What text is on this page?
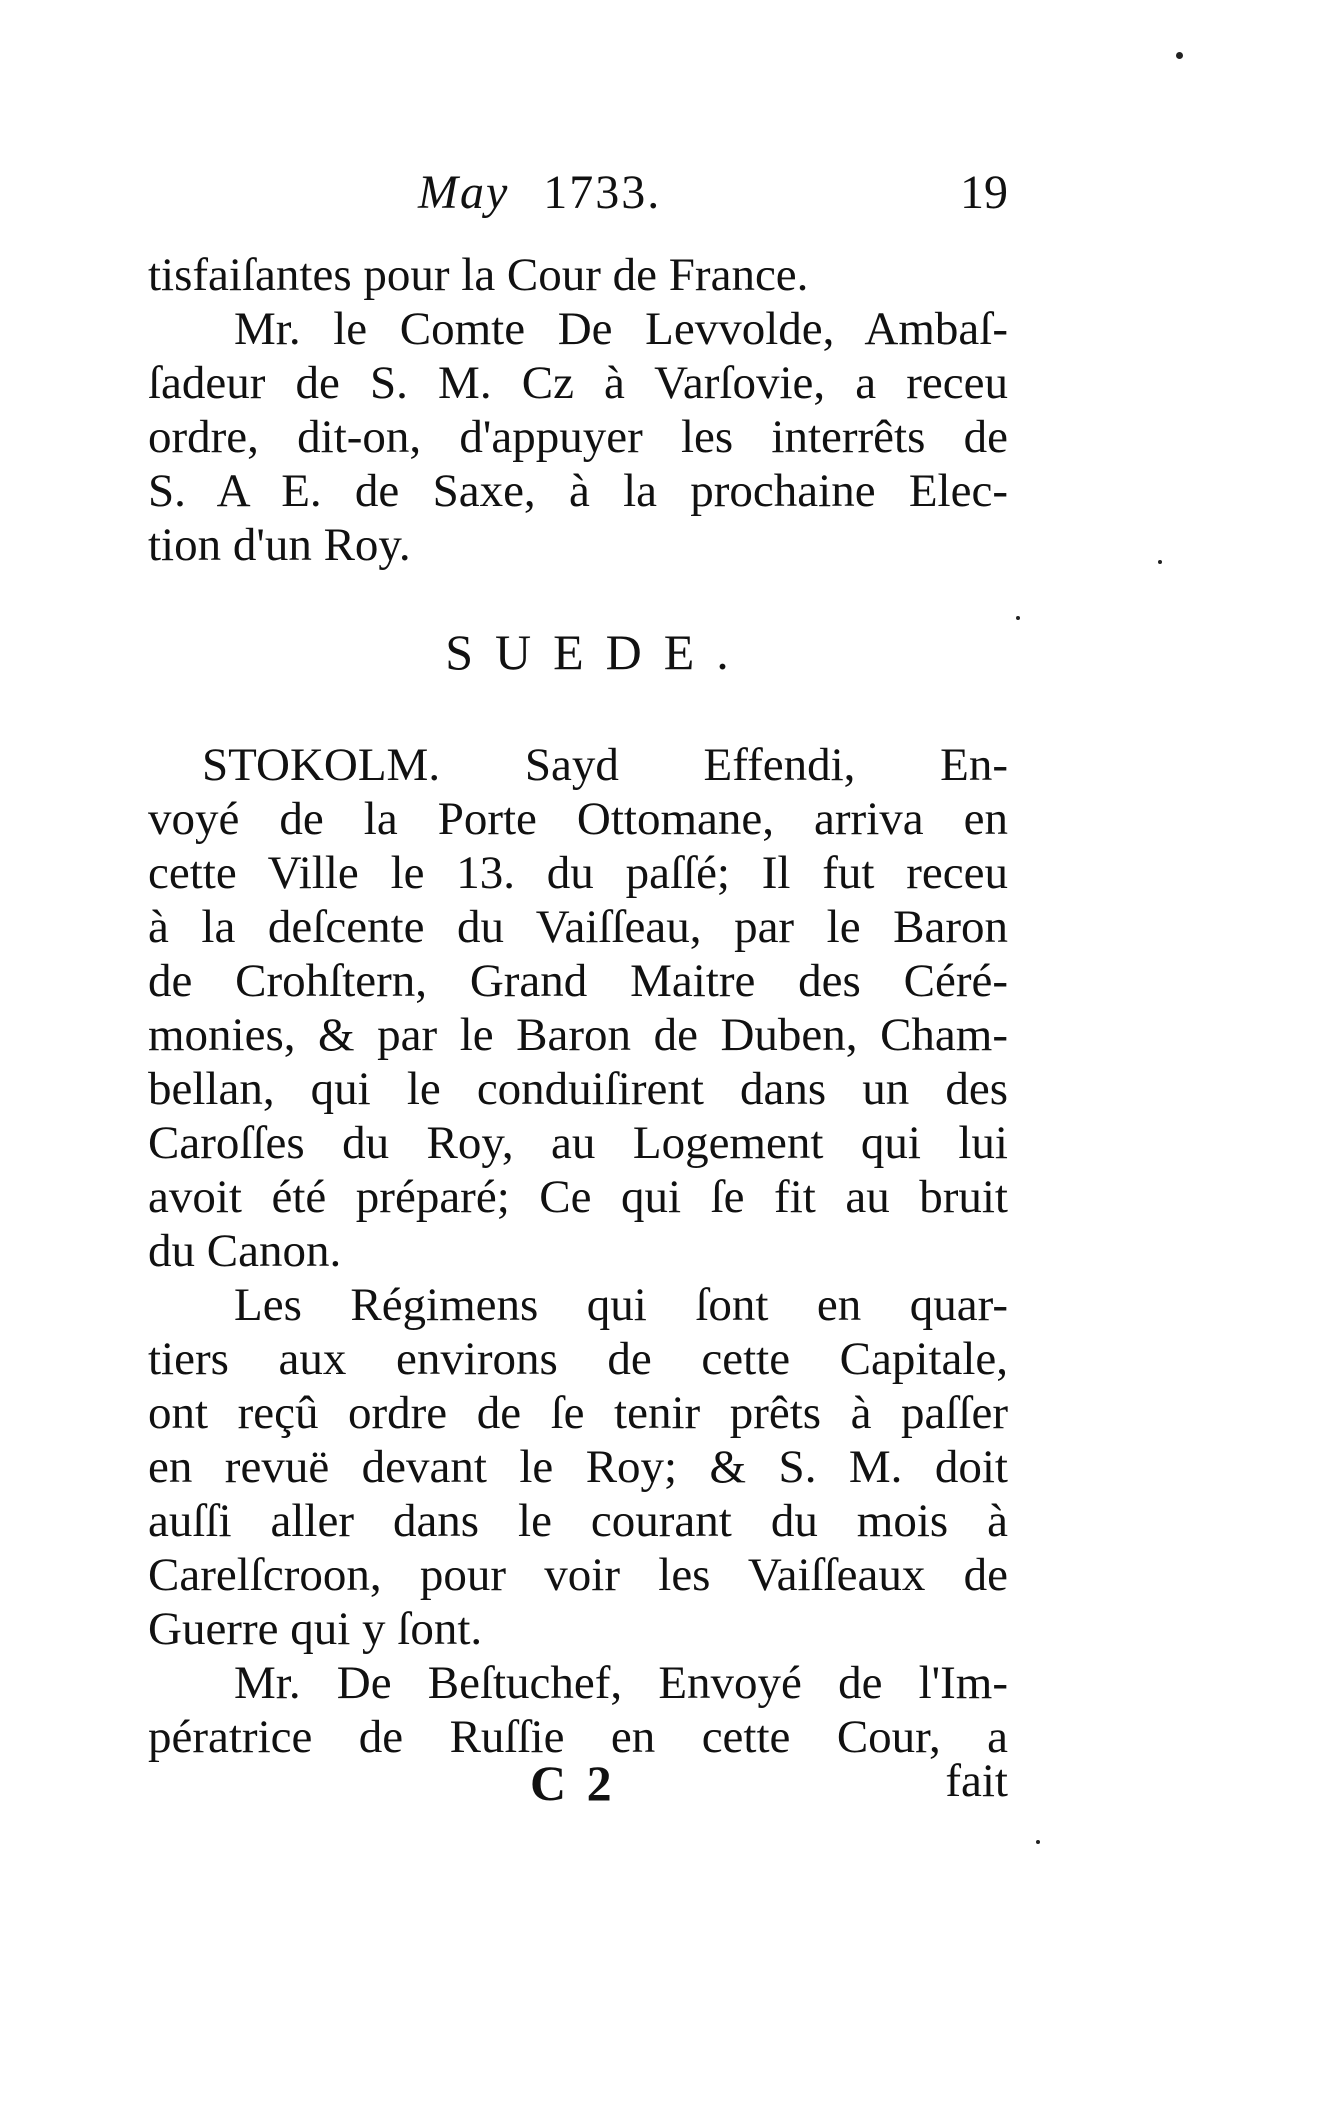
May 1733.	19
tisfaiſantes pour la Cour de France.
Mr. le Comte De Levvolde, Ambaſ-
ſadeur de S. M. Cz à Varſovie, a receu
ordre, dit-on, d'appuyer les interrêts de
S. A E. de Saxe, à la prochaine Elec-
tion d'un Roy.
SUEDE.
STOKOLM. Sayd Effendi, En-
voyé de la Porte Ottomane, arriva en
cette Ville le 13. du paſſé; Il fut receu
à la deſcente du Vaiſſeau, par le Baron
de Crohſtern, Grand Maitre des Céré-
monies, & par le Baron de Duben, Cham-
bellan, qui le conduiſirent dans un des
Caroſſes du Roy, au Logement qui lui
avoit été préparé; Ce qui ſe fit au bruit
du Canon.
Les Régimens qui ſont en quar-
tiers aux environs de cette Capitale,
ont reçû ordre de ſe tenir prêts à paſſer
en revuë devant le Roy; & S. M. doit
auſſi aller dans le courant du mois à
Carelſcroon, pour voir les Vaiſſeaux de
Guerre qui y ſont.
Mr. De Beſtuchef, Envoyé de l'Im-
pératrice de Ruſſie en cette Cour, a
C 2	fait
